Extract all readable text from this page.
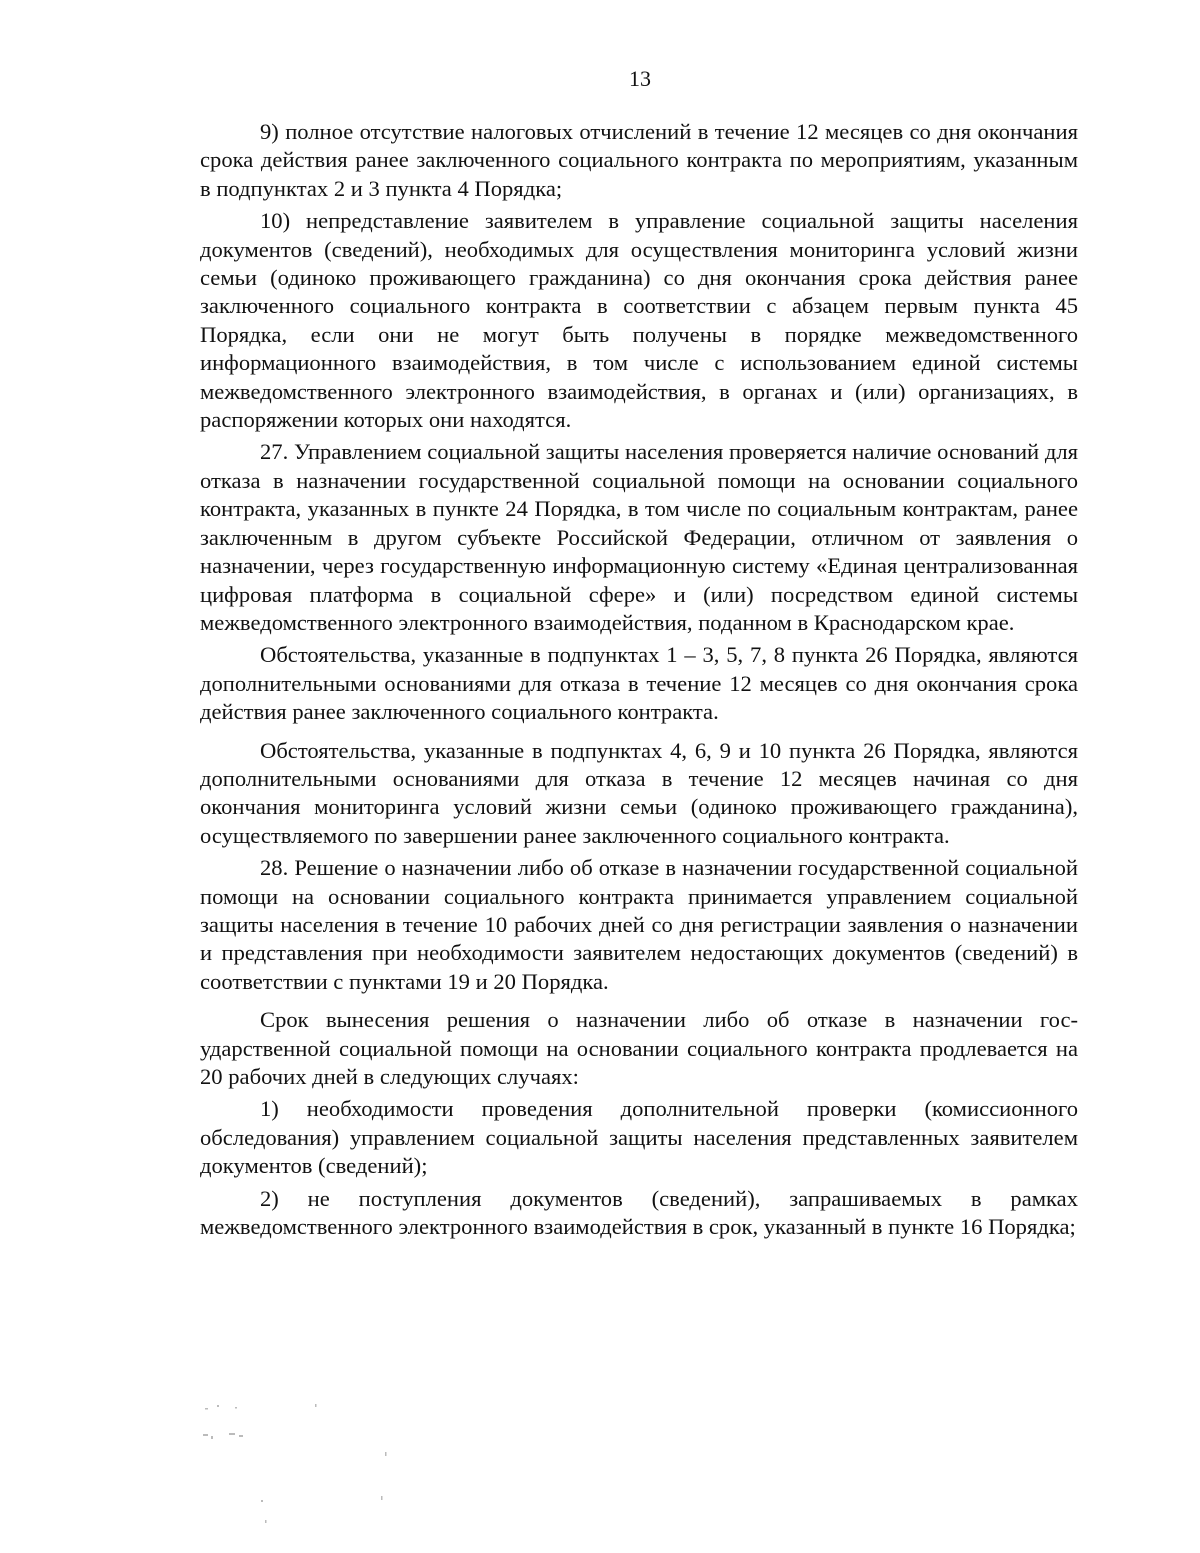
13

9) полное отсутствие налоговых отчислений в течение 12 месяцев со дня окончания срока действия ранее заключенного социального контракта по мероприятиям, указанным в подпунктах 2 и 3 пункта 4 Порядка;

10) непредставление заявителем в управление социальной защиты населения документов (сведений), необходимых для осуществления мониторинга условий жизни семьи (одиноко проживающего гражданина) со дня окончания срока действия ранее заключенного социального контракта в соответствии с абзацем первым пункта 45 Порядка, если они не могут быть получены в порядке межведомственного информационного взаимодействия, в том числе с использованием единой системы межведомственного электронного взаимодействия, в органах и (или) организациях, в распоряжении которых они находятся.

27. Управлением социальной защиты населения проверяется наличие оснований для отказа в назначении государственной социальной помощи на основании социального контракта, указанных в пункте 24 Порядка, в том числе по социальным контрактам, ранее заключенным в другом субъекте Российской Федерации, отличном от заявления о назначении, через государственную информационную систему «Единая централизованная цифровая платформа в социальной сфере» и (или) посредством единой системы межведомственного электронного взаимодействия, поданном в Краснодарском крае.

Обстоятельства, указанные в подпунктах 1 – 3, 5, 7, 8 пункта 26 Порядка, являются дополнительными основаниями для отказа в течение 12 месяцев со дня окончания срока действия ранее заключенного социального контракта.

Обстоятельства, указанные в подпунктах 4, 6, 9 и 10 пункта 26 Порядка, являются дополнительными основаниями для отказа в течение 12 месяцев начиная со дня окончания мониторинга условий жизни семьи (одиноко проживающего гражданина), осуществляемого по завершении ранее заключенного социального контракта.

28. Решение о назначении либо об отказе в назначении государственной социальной помощи на основании социального контракта принимается управлением социальной защиты населения в течение 10 рабочих дней со дня регистрации заявления о назначении и представления при необходимости заявителем недостающих документов (сведений) в соответствии с пунктами 19 и 20 Порядка.

Срок вынесения решения о назначении либо об отказе в назначении государственной социальной помощи на основании социального контракта продлевается на 20 рабочих дней в следующих случаях:

1) необходимости проведения дополнительной проверки (комиссионного обследования) управлением социальной защиты населения представленных заявителем документов (сведений);

2) не поступления документов (сведений), запрашиваемых в рамках межведомственного электронного взаимодействия в срок, указанный в пункте 16 Порядка;
